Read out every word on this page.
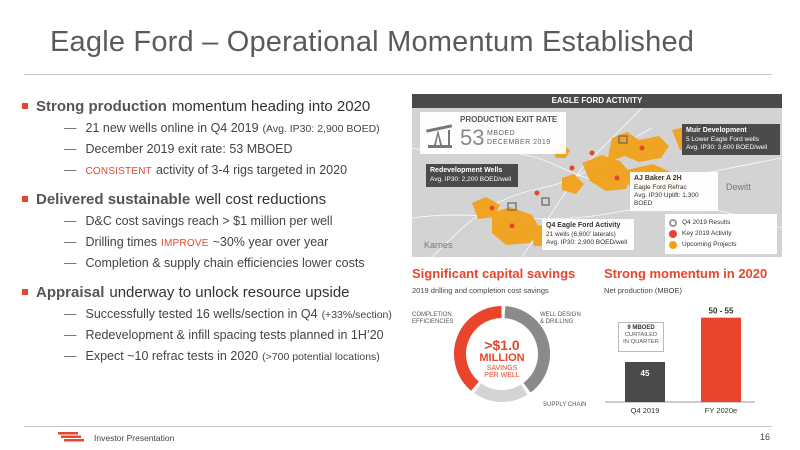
Eagle Ford – Operational Momentum Established
Strong production momentum heading into 2020
— 21 new wells online in Q4 2019 (Avg. IP30: 2,900 BOED)
— December 2019 exit rate: 53 MBOED
— CONSISTENT activity of 3-4 rigs targeted in 2020
Delivered sustainable well cost reductions
— D&C cost savings reach > $1 million per well
— Drilling times IMPROVE ~30% year over year
— Completion & supply chain efficiencies lower costs
Appraisal underway to unlock resource upside
— Successfully tested 16 wells/section in Q4 (+33%/section)
— Redevelopment & infill spacing tests planned in 1H’20
— Expect ~10 refrac tests in 2020 (>700 potential locations)
EAGLE FORD ACTIVITY
PRODUCTION EXIT RATE
53 MBOED
DECEMBER 2019
Muir Development
5 Lower Eagle Ford wells
Avg. IP30: 3,600 BOED/well
Redevelopment Wells
Avg. IP30: 2,200 BOED/well	AJ Baker A 2H
Eagle Ford Refrac
Avg. IP30 Uplift: 1,300 BOED
Q4 Eagle Ford Activity
21 wells (6,600’ laterals)
Avg. IP30: 2,900 BOED/well
Dewitt
Karnes
Q4 2019 Results
Key 2019 Activity
Upcoming Projects
Significant capital savings
2019 drilling and completion cost savings
>$1.0
MILLION
SAVINGS
PER WELL
COMPLETION
EFFICIENCIES
WELL DESIGN
& DRILLING
SUPPLY CHAIN
Strong momentum in 2020
Net production (MBOE)
45
Q4 2019
50 - 55
FY 2020e
9 MBOED
CURTAILED
IN QUARTER
Investor Presentation	16
